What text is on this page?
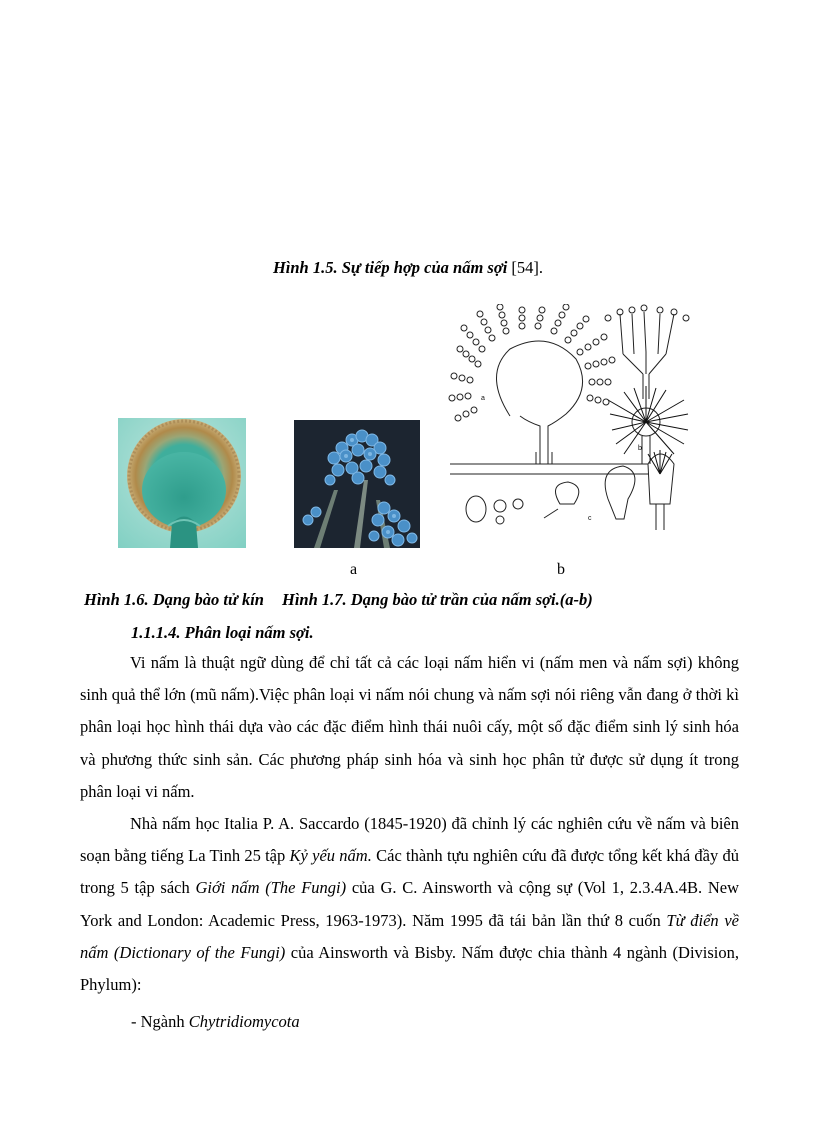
Hình 1.5. Sự tiếp hợp của nấm sợi [54].
a
b
c
a	b
Hình 1.6. Dạng bào tử kín Hình 1.7. Dạng bào tử trần của nấm sợi.(a-b)
1.1.1.4. Phân loại nấm sợi.

Vi nấm là thuật ngữ dùng để chỉ tất cả các loại nấm hiển vi (nấm men và nấm sợi) không sinh quả thể lớn (mũ nấm).Việc phân loại vi nấm nói chung và nấm sợi nói riêng vẫn đang ở thời kì phân loại học hình thái dựa vào các đặc điểm hình thái nuôi cấy, một số đặc điểm sinh lý sinh hóa và phương thức sinh sản. Các phương pháp sinh hóa và sinh học phân tử được sử dụng ít trong phân loại vi nấm.

Nhà nấm học Italia P. A. Saccardo (1845-1920) đã chỉnh lý các nghiên cứu về nấm và biên soạn bằng tiếng La Tinh 25 tập Kỷ yếu nấm. Các thành tựu nghiên cứu đã được tổng kết khá đầy đủ trong 5 tập sách Giới nấm (The Fungi) của G. C. Ainsworth và cộng sự (Vol 1, 2.3.4A.4B. New York and London: Academic Press, 1963-1973). Năm 1995 đã tái bản lần thứ 8 cuốn Từ điển về nấm (Dictionary of the Fungi) của Ainsworth và Bisby. Nấm được chia thành 4 ngành (Division, Phylum):

- Ngành Chytridiomycota
